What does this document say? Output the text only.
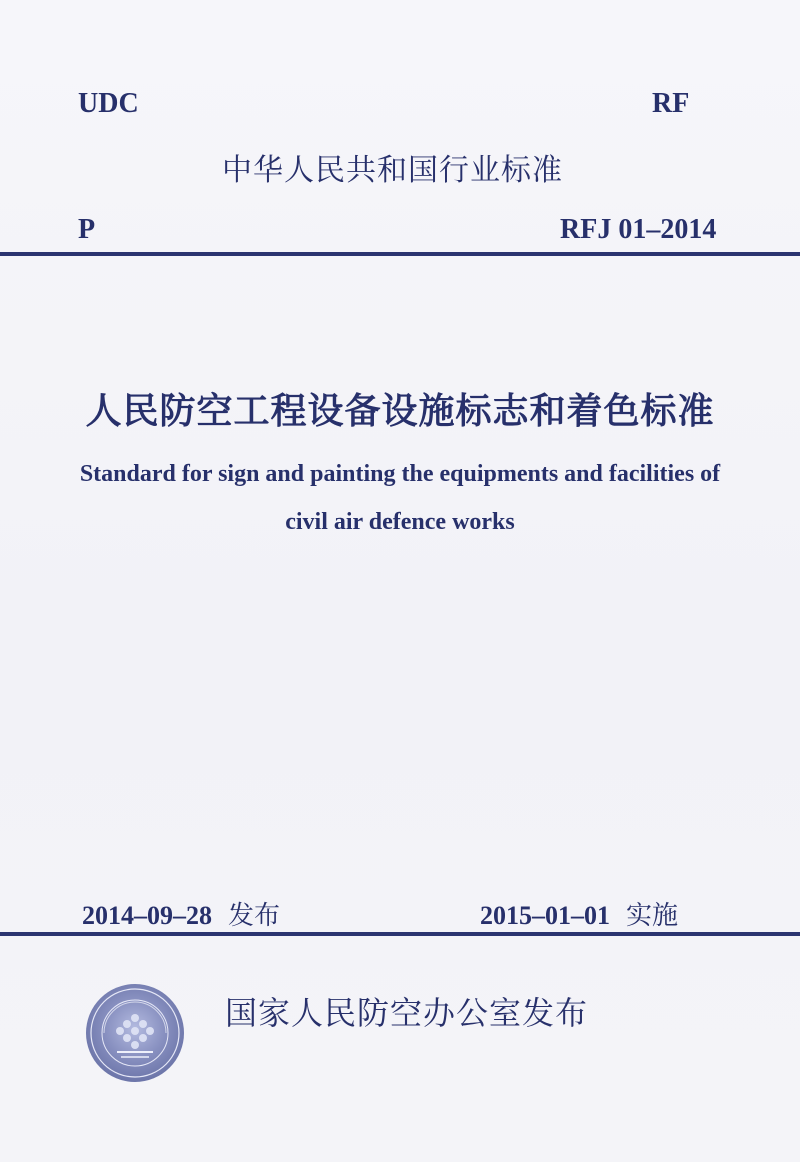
UDC	RF
中华人民共和国行业标准
P	RFJ 01–2014
人民防空工程设备设施标志和着色标准
Standard for sign and painting the equipments and facilities of
civil air defence works
2014–09–28 发布	2015–01–01 实施
国家人民防空办公室发布
